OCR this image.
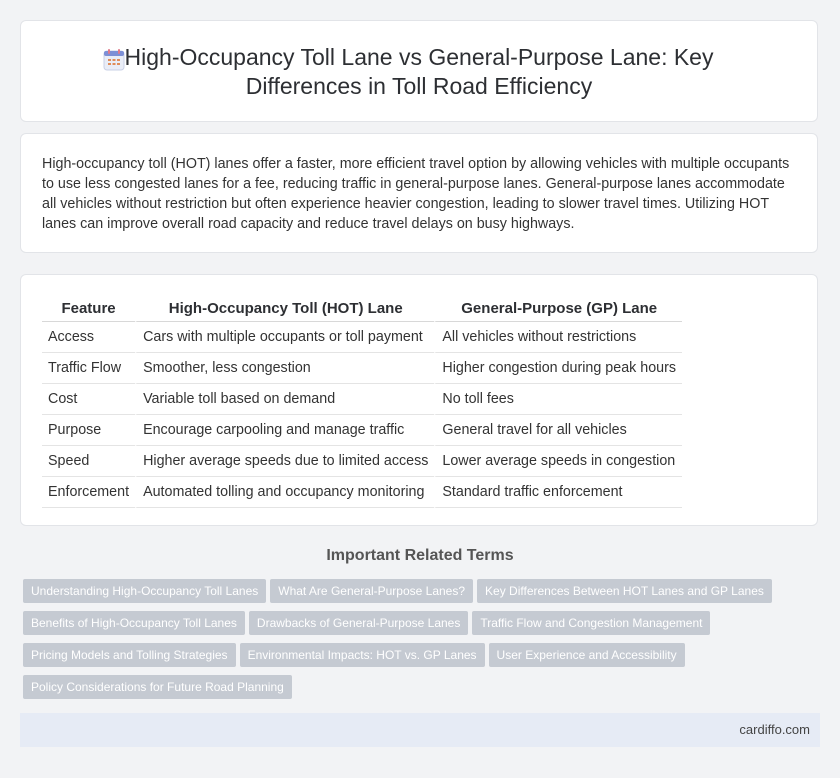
High-Occupancy Toll Lane vs General-Purpose Lane: Key Differences in Toll Road Efficiency

High-occupancy toll (HOT) lanes offer a faster, more efficient travel option by allowing vehicles with multiple occupants to use less congested lanes for a fee, reducing traffic in general-purpose lanes. General-purpose lanes accommodate all vehicles without restriction but often experience heavier congestion, leading to slower travel times. Utilizing HOT lanes can improve overall road capacity and reduce travel delays on busy highways.

Feature	High-Occupancy Toll (HOT) Lane	General-Purpose (GP) Lane
Access	Cars with multiple occupants or toll payment	All vehicles without restrictions
Traffic Flow	Smoother, less congestion	Higher congestion during peak hours
Cost	Variable toll based on demand	No toll fees
Purpose	Encourage carpooling and manage traffic	General travel for all vehicles
Speed	Higher average speeds due to limited access	Lower average speeds in congestion
Enforcement	Automated tolling and occupancy monitoring	Standard traffic enforcement
Important Related Terms
Understanding High-Occupancy Toll Lanes What Are General-Purpose Lanes? Key Differences Between HOT Lanes and GP Lanes
Benefits of High-Occupancy Toll Lanes Drawbacks of General-Purpose Lanes Traffic Flow and Congestion Management
Pricing Models and Tolling Strategies Environmental Impacts: HOT vs. GP Lanes User Experience and Accessibility
Policy Considerations for Future Road Planning
cardiffo.com
